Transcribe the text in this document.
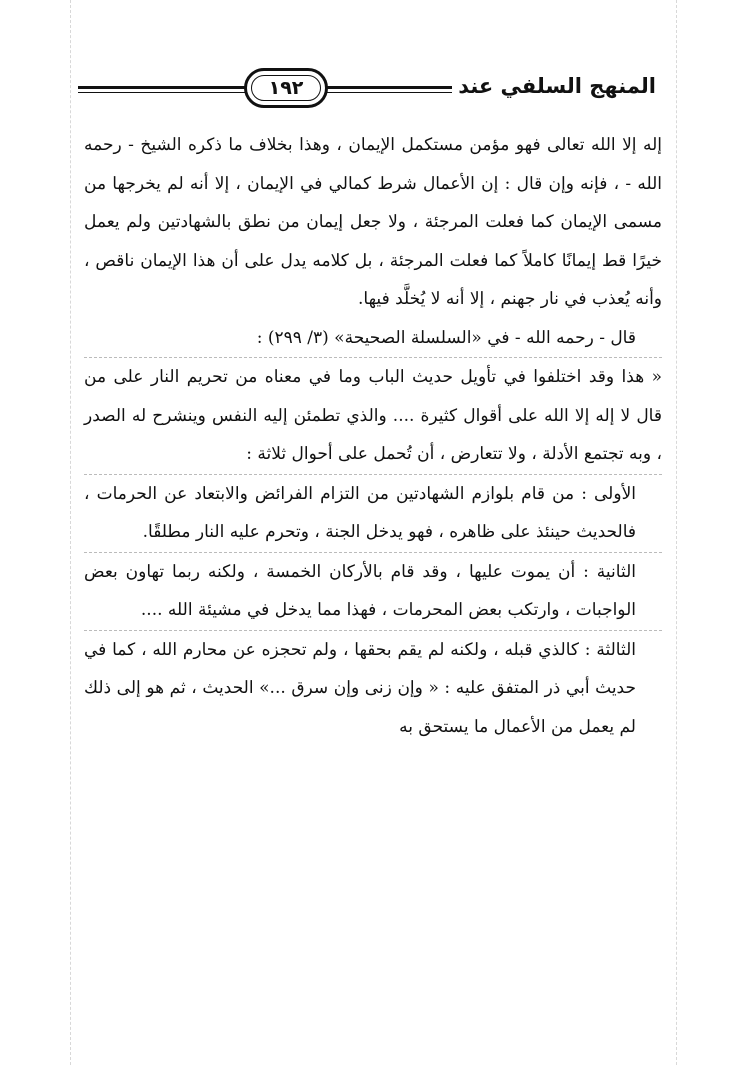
المنهج السلفي عند
١٩٢

إله إلا الله تعالى فهو مؤمن مستكمل الإيمان ، وهذا بخلاف ما ذكره الشيخ - رحمه الله - ، فإنه وإن قال : إن الأعمال شرط كمالي في الإيمان ، إلا أنه لم يخرجها من مسمى الإيمان كما فعلت المرجئة ، ولا جعل إيمان من نطق بالشهادتين ولم يعمل خيرًا قط إيمانًا كاملاً كما فعلت المرجئة ، بل كلامه يدل على أن هذا الإيمان ناقص ، وأنه يُعذب في نار جهنم ، إلا أنه لا يُخلَّد فيها.

قال - رحمه الله - في «السلسلة الصحيحة» (٣/ ٢٩٩) :

« هذا وقد اختلفوا في تأويل حديث الباب وما في معناه من تحريم النار على من قال لا إله إلا الله على أقوال كثيرة .... والذي تطمئن إليه النفس وينشرح له الصدر ، وبه تجتمع الأدلة ، ولا تتعارض ، أن تُحمل على أحوال ثلاثة :

الأولى : من قام بلوازم الشهادتين من التزام الفرائض والابتعاد عن الحرمات ، فالحديث حينئذ على ظاهره ، فهو يدخل الجنة ، وتحرم عليه النار مطلقًا.

الثانية : أن يموت عليها ، وقد قام بالأركان الخمسة ، ولكنه ربما تهاون بعض الواجبات ، وارتكب بعض المحرمات ، فهذا مما يدخل في مشيئة الله ....

الثالثة : كالذي قبله ، ولكنه لم يقم بحقها ، ولم تحجزه عن محارم الله ، كما في حديث أبي ذر المتفق عليه : « وإن زنى وإن سرق ...» الحديث ، ثم هو إلى ذلك لم يعمل من الأعمال ما يستحق به
